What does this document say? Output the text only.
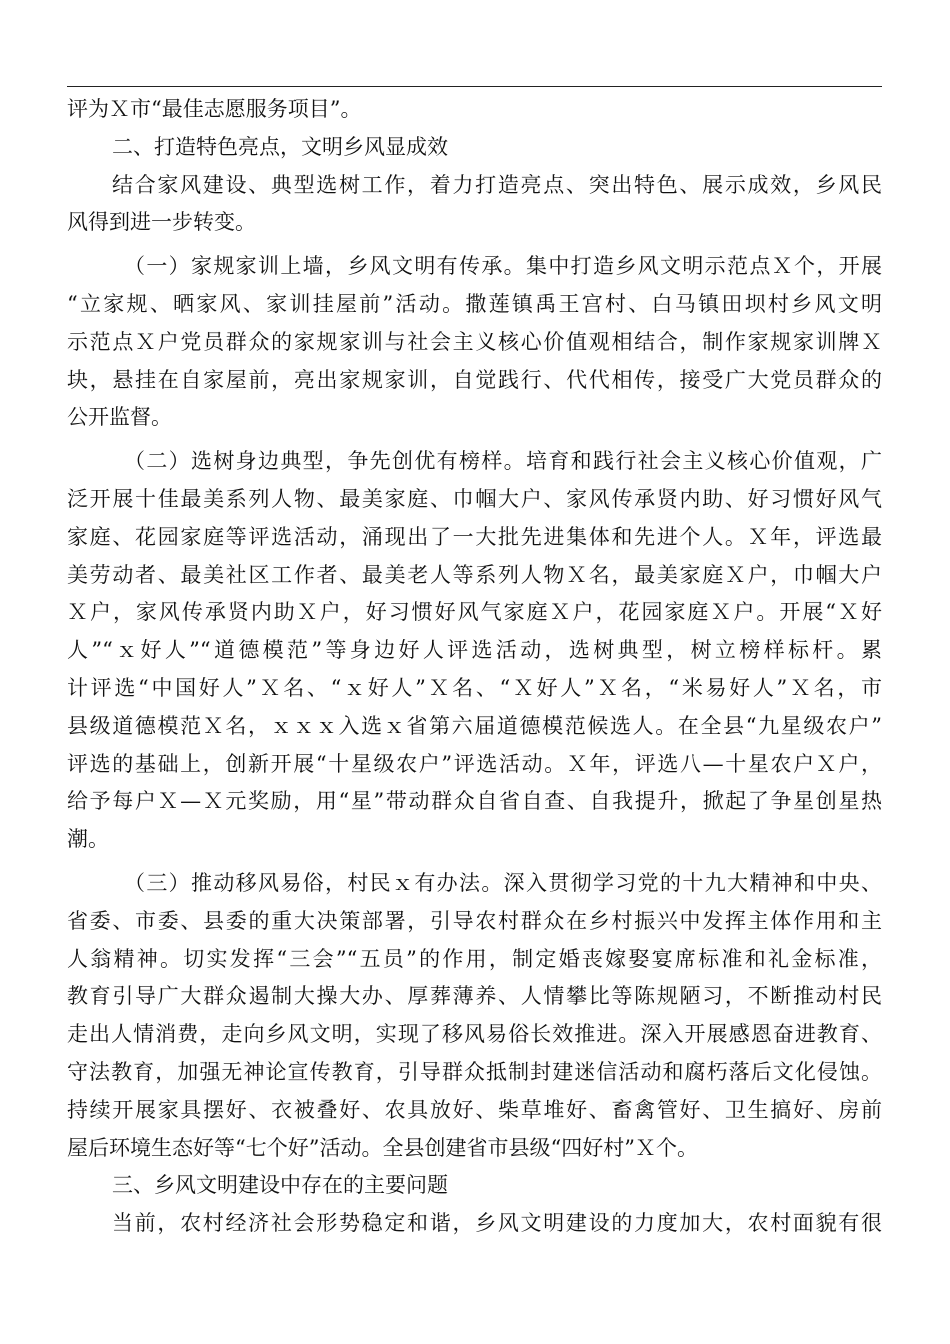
评为Ｘ市“最佳志愿服务项目”。
二、打造特色亮点，文明乡风显成效
结合家风建设、典型选树工作，着力打造亮点、突出特色、展示成效，乡风民
风得到进一步转变。
（一）家规家训上墙，乡风文明有传承。集中打造乡风文明示范点Ｘ个，开展
“立家规、晒家风、家训挂屋前”活动。撒莲镇禹王宫村、白马镇田坝村乡风文明
示范点Ｘ户党员群众的家规家训与社会主义核心价值观相结合，制作家规家训牌Ｘ
块，悬挂在自家屋前，亮出家规家训，自觉践行、代代相传，接受广大党员群众的
公开监督。
（二）选树身边典型，争先创优有榜样。培育和践行社会主义核心价值观，广
泛开展十佳最美系列人物、最美家庭、巾帼大户、家风传承贤内助、好习惯好风气
家庭、花园家庭等评选活动，涌现出了一大批先进集体和先进个人。Ｘ年，评选最
美劳动者、最美社区工作者、最美老人等系列人物Ｘ名，最美家庭Ｘ户，巾帼大户
Ｘ户，家风传承贤内助Ｘ户，好习惯好风气家庭Ｘ户，花园家庭Ｘ户。开展“Ｘ好
人”“ｘ好人”“道德模范”等身边好人评选活动，选树典型，树立榜样标杆。累
计评选“中国好人”Ｘ名、“ｘ好人”Ｘ名、“Ｘ好人”Ｘ名，“米易好人”Ｘ名，市
县级道德模范Ｘ名，ｘｘｘ入选ｘ省第六届道德模范候选人。在全县“九星级农户”
评选的基础上，创新开展“十星级农户”评选活动。Ｘ年，评选八—十星农户Ｘ户，
给予每户Ｘ—Ｘ元奖励，用“星”带动群众自省自查、自我提升，掀起了争星创星热
潮。
（三）推动移风易俗，村民ｘ有办法。深入贯彻学习党的十九大精神和中央、
省委、市委、县委的重大决策部署，引导农村群众在乡村振兴中发挥主体作用和主
人翁精神。切实发挥“三会”“五员”的作用，制定婚丧嫁娶宴席标准和礼金标准，
教育引导广大群众遏制大操大办、厚葬薄养、人情攀比等陈规陋习，不断推动村民
走出人情消费，走向乡风文明，实现了移风易俗长效推进。深入开展感恩奋进教育、
守法教育，加强无神论宣传教育，引导群众抵制封建迷信活动和腐朽落后文化侵蚀。
持续开展家具摆好、衣被叠好、农具放好、柴草堆好、畜禽管好、卫生搞好、房前
屋后环境生态好等“七个好”活动。全县创建省市县级“四好村”Ｘ个。
三、乡风文明建设中存在的主要问题
当前，农村经济社会形势稳定和谐，乡风文明建设的力度加大，农村面貌有很
